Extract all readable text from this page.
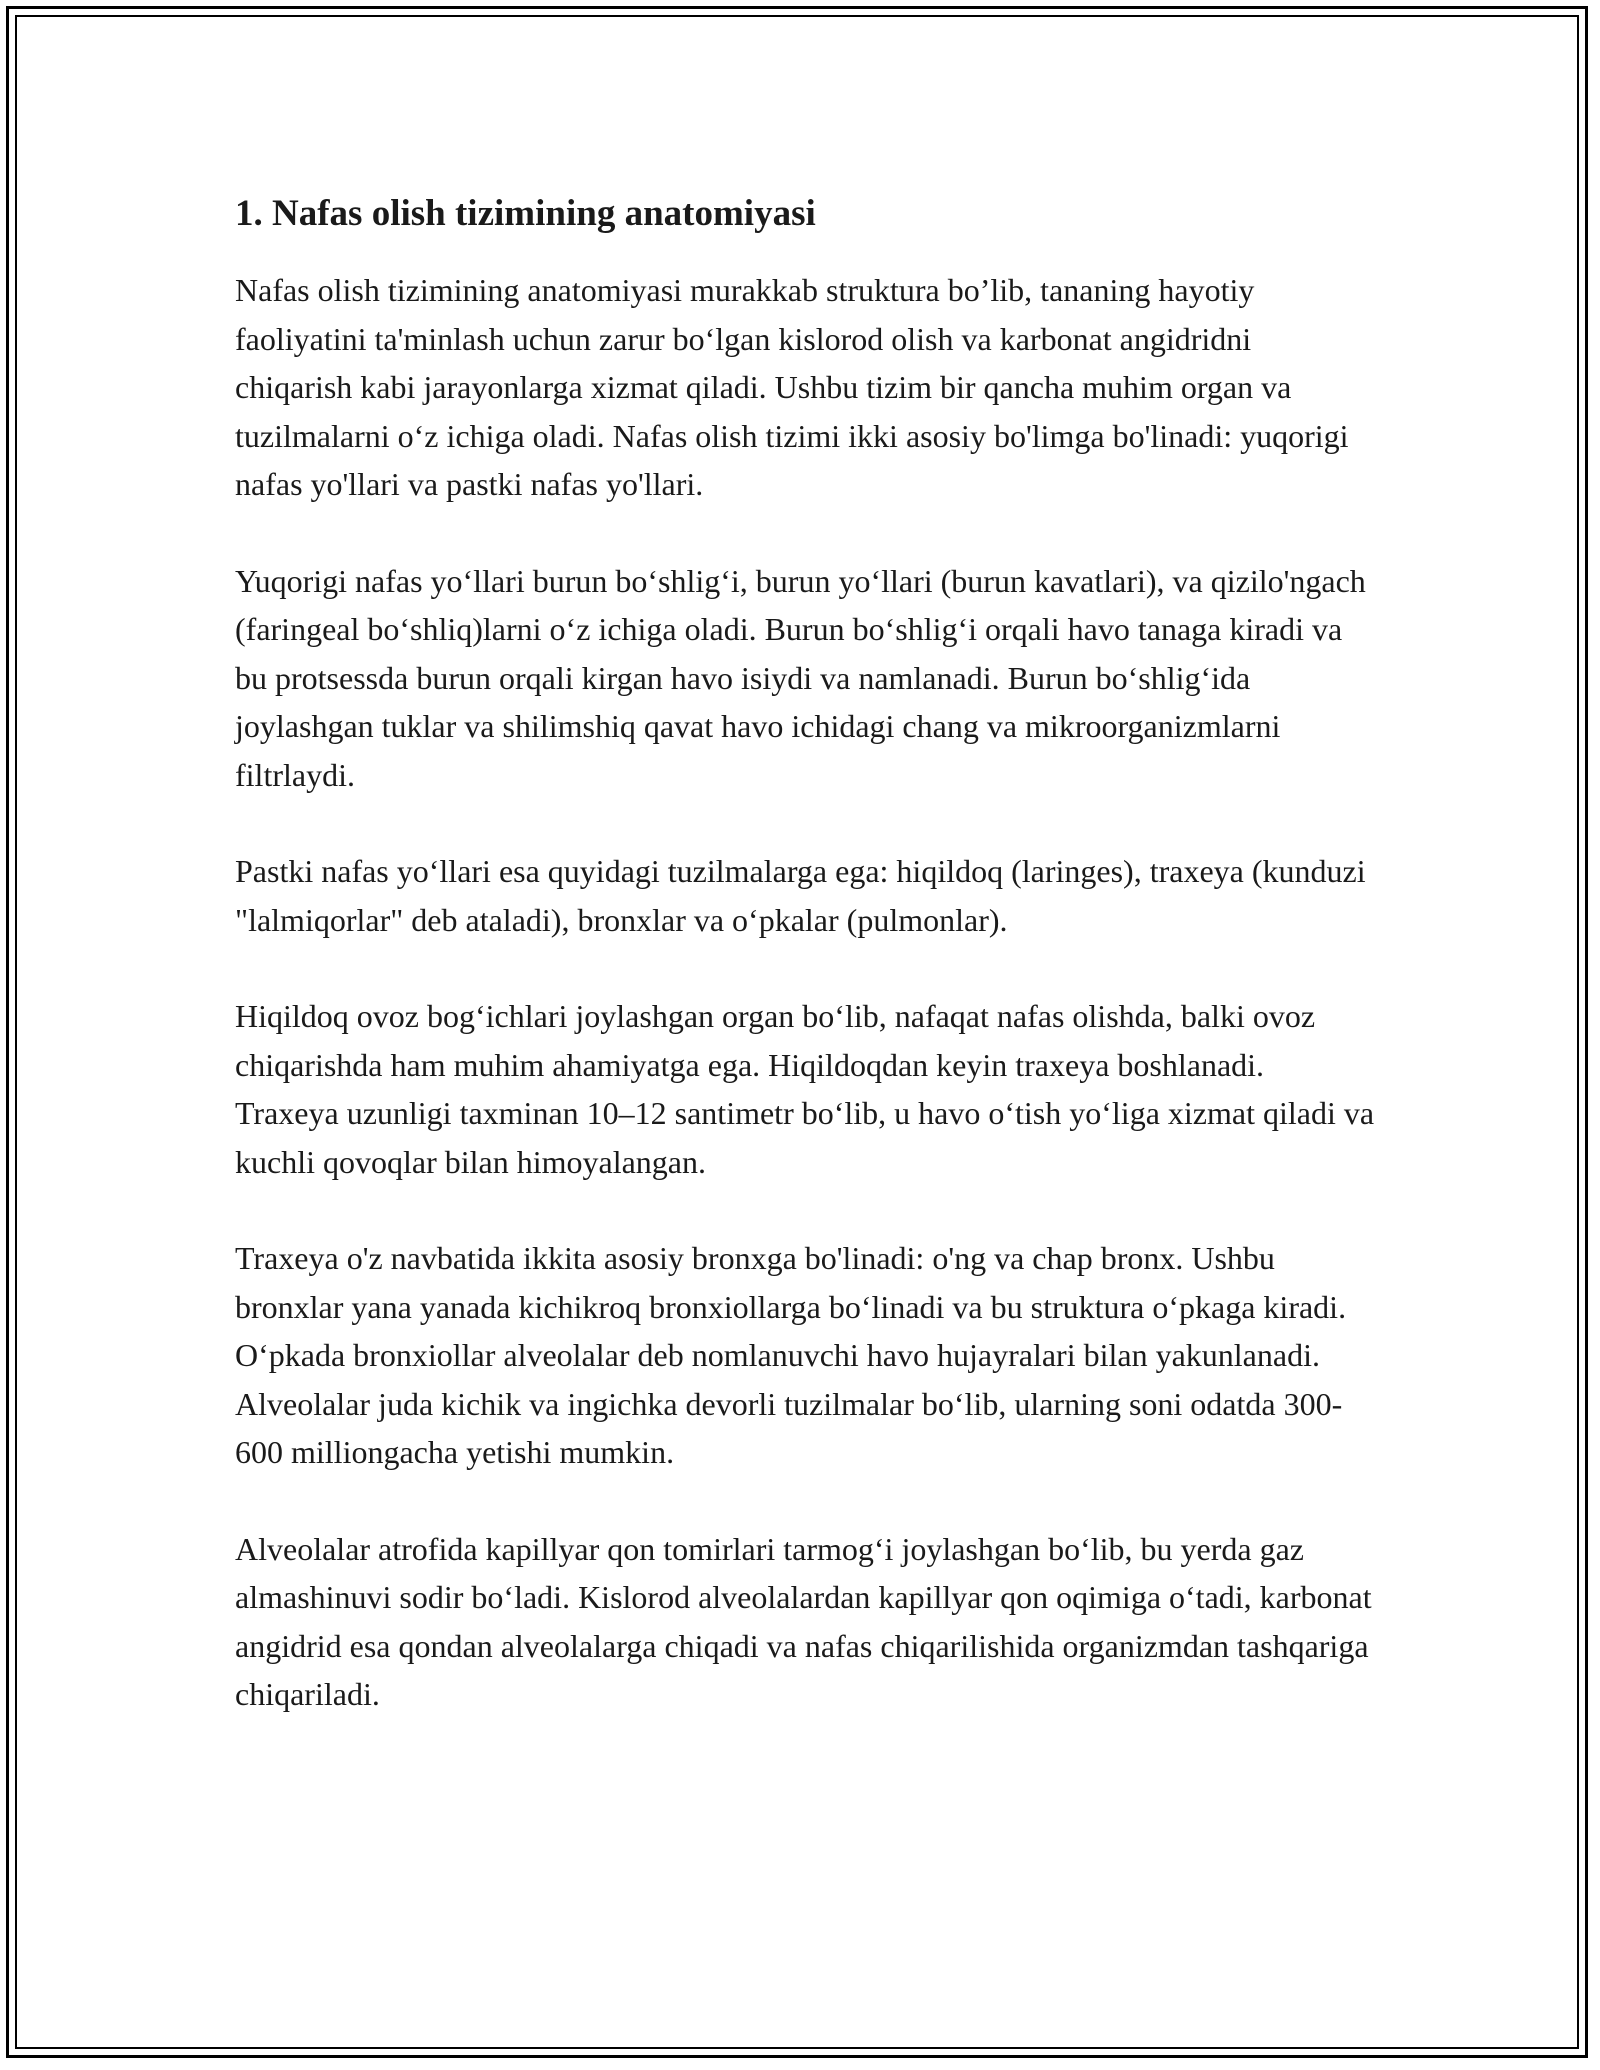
1. Nafas olish tizimining anatomiyasi

Nafas olish tizimining anatomiyasi murakkab struktura bo’lib, tananing hayotiy faoliyatini ta'minlash uchun zarur bo‘lgan kislorod olish va karbonat angidridni chiqarish kabi jarayonlarga xizmat qiladi. Ushbu tizim bir qancha muhim organ va tuzilmalarni o‘z ichiga oladi. Nafas olish tizimi ikki asosiy bo'limga bo'linadi: yuqorigi nafas yo'llari va pastki nafas yo'llari.

Yuqorigi nafas yo‘llari burun bo‘shlig‘i, burun yo‘llari (burun kavatlari), va qizilo'ngach (faringeal bo‘shliq)larni o‘z ichiga oladi. Burun bo‘shlig‘i orqali havo tanaga kiradi va bu protsessda burun orqali kirgan havo isiydi va namlanadi. Burun bo‘shlig‘ida joylashgan tuklar va shilimshiq qavat havo ichidagi chang va mikroorganizmlarni filtrlaydi.

Pastki nafas yo‘llari esa quyidagi tuzilmalarga ega: hiqildoq (laringes), traxeya (kunduzi "lalmiqorlar" deb ataladi), bronxlar va o‘pkalar (pulmonlar).

Hiqildoq ovoz bog‘ichlari joylashgan organ bo‘lib, nafaqat nafas olishda, balki ovoz chiqarishda ham muhim ahamiyatga ega. Hiqildoqdan keyin traxeya boshlanadi. Traxeya uzunligi taxminan 10–12 santimetr bo‘lib, u havo o‘tish yo‘liga xizmat qiladi va kuchli qovoqlar bilan himoyalangan.

Traxeya o'z navbatida ikkita asosiy bronxga bo'linadi: o'ng va chap bronx. Ushbu bronxlar yana yanada kichikroq bronxiollarga bo‘linadi va bu struktura o‘pkaga kiradi. O‘pkada bronxiollar alveolalar deb nomlanuvchi havo hujayralari bilan yakunlanadi. Alveolalar juda kichik va ingichka devorli tuzilmalar bo‘lib, ularning soni odatda 300-600 milliongacha yetishi mumkin.

Alveolalar atrofida kapillyar qon tomirlari tarmog‘i joylashgan bo‘lib, bu yerda gaz almashinuvi sodir bo‘ladi. Kislorod alveolalardan kapillyar qon oqimiga o‘tadi, karbonat angidrid esa qondan alveolalarga chiqadi va nafas chiqarilishida organizmdan tashqariga chiqariladi.
